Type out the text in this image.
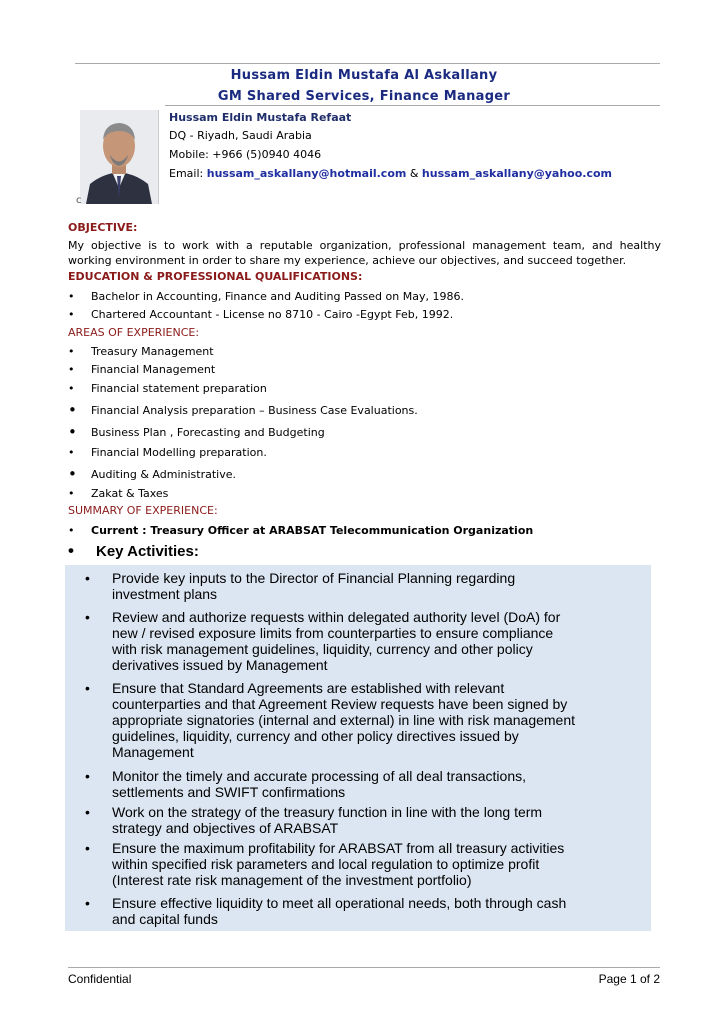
Hussam Eldin Mustafa Al Askallany
GM Shared Services, Finance Manager
c
Hussam Eldin Mustafa Refaat
DQ - Riyadh, Saudi Arabia
Mobile: +966 (5)0940 4046
Email: hussam_askallany@hotmail.com & hussam_askallany@yahoo.com
OBJECTIVE:
My objective is to work with a reputable organization, professional management team, and healthy working environment in order to share my experience, achieve our objectives, and succeed together.
EDUCATION & PROFESSIONAL QUALIFICATIONS:
• Bachelor in Accounting, Finance and Auditing Passed on May, 1986.
• Chartered Accountant - License no 8710 - Cairo -Egypt Feb, 1992.
AREAS OF EXPERIENCE:
• Treasury Management
• Financial Management
• Financial statement preparation
• Financial Analysis preparation – Business Case Evaluations.
• Business Plan , Forecasting and Budgeting
• Financial Modelling preparation.
• Auditing & Administrative.
• Zakat & Taxes
SUMMARY OF EXPERIENCE:
• Current : Treasury Officer at ARABSAT Telecommunication Organization
• Key Activities:
• Provide key inputs to the Director of Financial Planning regarding
investment plans
• Review and authorize requests within delegated authority level (DoA) for
new / revised exposure limits from counterparties to ensure compliance
with risk management guidelines, liquidity, currency and other policy
derivatives issued by Management
• Ensure that Standard Agreements are established with relevant
counterparties and that Agreement Review requests have been signed by
appropriate signatories (internal and external) in line with risk management
guidelines, liquidity, currency and other policy directives issued by
Management
• Monitor the timely and accurate processing of all deal transactions,
settlements and SWIFT confirmations
• Work on the strategy of the treasury function in line with the long term
strategy and objectives of ARABSAT
• Ensure the maximum profitability for ARABSAT from all treasury activities
within specified risk parameters and local regulation to optimize profit
(Interest rate risk management of the investment portfolio)
• Ensure effective liquidity to meet all operational needs, both through cash
and capital funds
Confidential	Page 1 of 2
